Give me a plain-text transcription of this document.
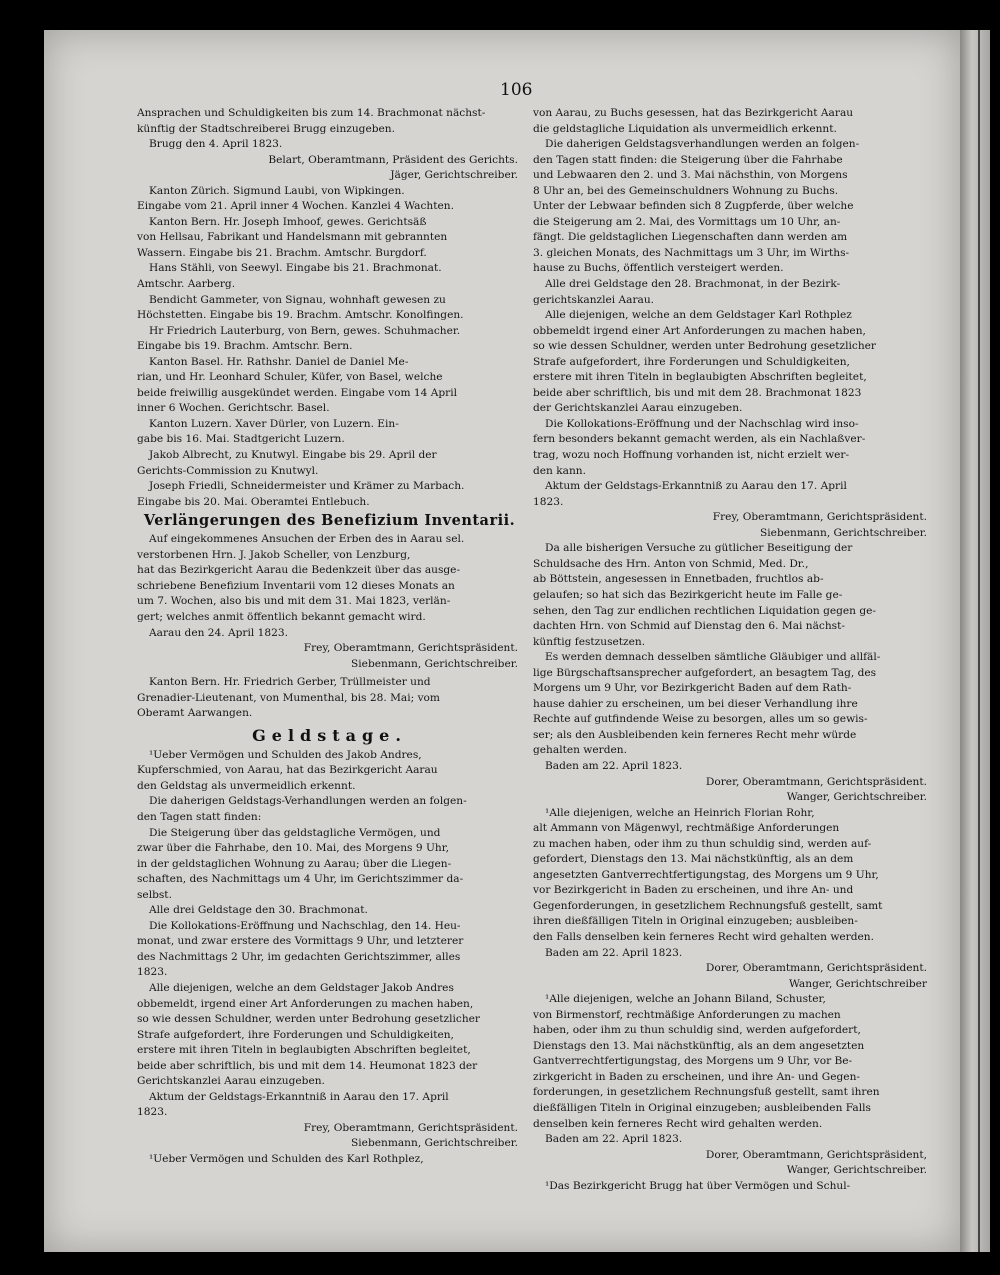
106
Ansprachen und Schuldigkeiten bis zum 14. Brachmonat nächst-
künftig der Stadtschreiberei Brugg einzugeben.
Brugg den 4. April 1823.
Belart, Oberamtmann, Präsident des Gerichts.
Jäger, Gerichtschreiber.
Kanton Zürich. Sigmund Laubi, von Wipkingen.
Eingabe vom 21. April inner 4 Wochen. Kanzlei 4 Wachten.
Kanton Bern. Hr. Joseph Imhoof, gewes. Gerichtsäß
von Hellsau, Fabrikant und Handelsmann mit gebrannten
Wassern. Eingabe bis 21. Brachm. Amtschr. Burgdorf.
Hans Stähli, von Seewyl. Eingabe bis 21. Brachmonat.
Amtschr. Aarberg.
Bendicht Gammeter, von Signau, wohnhaft gewesen zu
Höchstetten. Eingabe bis 19. Brachm. Amtschr. Konolfingen.
Hr Friedrich Lauterburg, von Bern, gewes. Schuhmacher.
Eingabe bis 19. Brachm. Amtschr. Bern.
Kanton Basel. Hr. Rathshr. Daniel de Daniel Me-
rian, und Hr. Leonhard Schuler, Küfer, von Basel, welche
beide freiwillig ausgekündet werden. Eingabe vom 14 April
inner 6 Wochen. Gerichtschr. Basel.
Kanton Luzern. Xaver Dürler, von Luzern. Ein-
gabe bis 16. Mai. Stadtgericht Luzern.
Jakob Albrecht, zu Knutwyl. Eingabe bis 29. April der
Gerichts-Commission zu Knutwyl.
Joseph Friedli, Schneidermeister und Krämer zu Marbach.
Eingabe bis 20. Mai. Oberamtei Entlebuch.
Verlängerungen des Benefizium Inventarii.
Auf eingekommenes Ansuchen der Erben des in Aarau sel.
verstorbenen Hrn. J. Jakob Scheller, von Lenzburg,
hat das Bezirkgericht Aarau die Bedenkzeit über das ausge-
schriebene Benefizium Inventarii vom 12 dieses Monats an
um 7. Wochen, also bis und mit dem 31. Mai 1823, verlän-
gert; welches anmit öffentlich bekannt gemacht wird.
Aarau den 24. April 1823.
Frey, Oberamtmann, Gerichtspräsident.
Siebenmann, Gerichtschreiber.
Kanton Bern. Hr. Friedrich Gerber, Trüllmeister und
Grenadier-Lieutenant, von Mumenthal, bis 28. Mai; vom
Oberamt Aarwangen.
Geldstage.
¹Ueber Vermögen und Schulden des Jakob Andres,
Kupferschmied, von Aarau, hat das Bezirkgericht Aarau
den Geldstag als unvermeidlich erkennt.
Die daherigen Geldstags-Verhandlungen werden an folgen-
den Tagen statt finden:
Die Steigerung über das geldstagliche Vermögen, und
zwar über die Fahrhabe, den 10. Mai, des Morgens 9 Uhr,
in der geldstaglichen Wohnung zu Aarau; über die Liegen-
schaften, des Nachmittags um 4 Uhr, im Gerichtszimmer da-
selbst.
Alle drei Geldstage den 30. Brachmonat.
Die Kollokations-Eröffnung und Nachschlag, den 14. Heu-
monat, und zwar erstere des Vormittags 9 Uhr, und letzterer
des Nachmittags 2 Uhr, im gedachten Gerichtszimmer, alles
1823.
Alle diejenigen, welche an dem Geldstager Jakob Andres
obbemeldt, irgend einer Art Anforderungen zu machen haben,
so wie dessen Schuldner, werden unter Bedrohung gesetzlicher
Strafe aufgefordert, ihre Forderungen und Schuldigkeiten,
erstere mit ihren Titeln in beglaubigten Abschriften begleitet,
beide aber schriftlich, bis und mit dem 14. Heumonat 1823 der
Gerichtskanzlei Aarau einzugeben.
Aktum der Geldstags-Erkanntniß in Aarau den 17. April
1823.
Frey, Oberamtmann, Gerichtspräsident.
Siebenmann, Gerichtschreiber.
¹Ueber Vermögen und Schulden des Karl Rothplez,
von Aarau, zu Buchs gesessen, hat das Bezirkgericht Aarau
die geldstagliche Liquidation als unvermeidlich erkennt.
Die daherigen Geldstagsverhandlungen werden an folgen-
den Tagen statt finden: die Steigerung über die Fahrhabe
und Lebwaaren den 2. und 3. Mai nächsthin, von Morgens
8 Uhr an, bei des Gemeinschuldners Wohnung zu Buchs.
Unter der Lebwaar befinden sich 8 Zugpferde, über welche
die Steigerung am 2. Mai, des Vormittags um 10 Uhr, an-
fängt. Die geldstaglichen Liegenschaften dann werden am
3. gleichen Monats, des Nachmittags um 3 Uhr, im Wirths-
hause zu Buchs, öffentlich versteigert werden.
Alle drei Geldstage den 28. Brachmonat, in der Bezirk-
gerichtskanzlei Aarau.
Alle diejenigen, welche an dem Geldstager Karl Rothplez
obbemeldt irgend einer Art Anforderungen zu machen haben,
so wie dessen Schuldner, werden unter Bedrohung gesetzlicher
Strafe aufgefordert, ihre Forderungen und Schuldigkeiten,
erstere mit ihren Titeln in beglaubigten Abschriften begleitet,
beide aber schriftlich, bis und mit dem 28. Brachmonat 1823
der Gerichtskanzlei Aarau einzugeben.
Die Kollokations-Eröffnung und der Nachschlag wird inso-
fern besonders bekannt gemacht werden, als ein Nachlaßver-
trag, wozu noch Hoffnung vorhanden ist, nicht erzielt wer-
den kann.
Aktum der Geldstags-Erkanntniß zu Aarau den 17. April
1823.
Frey, Oberamtmann, Gerichtspräsident.
Siebenmann, Gerichtschreiber.
Da alle bisherigen Versuche zu gütlicher Beseitigung der
Schuldsache des Hrn. Anton von Schmid, Med. Dr.,
ab Böttstein, angesessen in Ennetbaden, fruchtlos ab-
gelaufen; so hat sich das Bezirkgericht heute im Falle ge-
sehen, den Tag zur endlichen rechtlichen Liquidation gegen ge-
dachten Hrn. von Schmid auf Dienstag den 6. Mai nächst-
künftig festzusetzen.
Es werden demnach desselben sämtliche Gläubiger und allfäl-
lige Bürgschaftsansprecher aufgefordert, an besagtem Tag, des
Morgens um 9 Uhr, vor Bezirkgericht Baden auf dem Rath-
hause dahier zu erscheinen, um bei dieser Verhandlung ihre
Rechte auf gutfindende Weise zu besorgen, alles um so gewis-
ser; als den Ausbleibenden kein ferneres Recht mehr würde
gehalten werden.
Baden am 22. April 1823.
Dorer, Oberamtmann, Gerichtspräsident.
Wanger, Gerichtschreiber.
¹Alle diejenigen, welche an Heinrich Florian Rohr,
alt Ammann von Mägenwyl, rechtmäßige Anforderungen
zu machen haben, oder ihm zu thun schuldig sind, werden auf-
gefordert, Dienstags den 13. Mai nächstkünftig, als an dem
angesetzten Gantverrechtfertigungstag, des Morgens um 9 Uhr,
vor Bezirkgericht in Baden zu erscheinen, und ihre An- und
Gegenforderungen, in gesetzlichem Rechnungsfuß gestellt, samt
ihren dießfälligen Titeln in Original einzugeben; ausbleiben-
den Falls denselben kein ferneres Recht wird gehalten werden.
Baden am 22. April 1823.
Dorer, Oberamtmann, Gerichtspräsident.
Wanger, Gerichtschreiber
¹Alle diejenigen, welche an Johann Biland, Schuster,
von Birmenstorf, rechtmäßige Anforderungen zu machen
haben, oder ihm zu thun schuldig sind, werden aufgefordert,
Dienstags den 13. Mai nächstkünftig, als an dem angesetzten
Gantverrechtfertigungstag, des Morgens um 9 Uhr, vor Be-
zirkgericht in Baden zu erscheinen, und ihre An- und Gegen-
forderungen, in gesetzlichem Rechnungsfuß gestellt, samt ihren
dießfälligen Titeln in Original einzugeben; ausbleibenden Falls
denselben kein ferneres Recht wird gehalten werden.
Baden am 22. April 1823.
Dorer, Oberamtmann, Gerichtspräsident,
Wanger, Gerichtschreiber.
¹Das Bezirkgericht Brugg hat über Vermögen und Schul-
